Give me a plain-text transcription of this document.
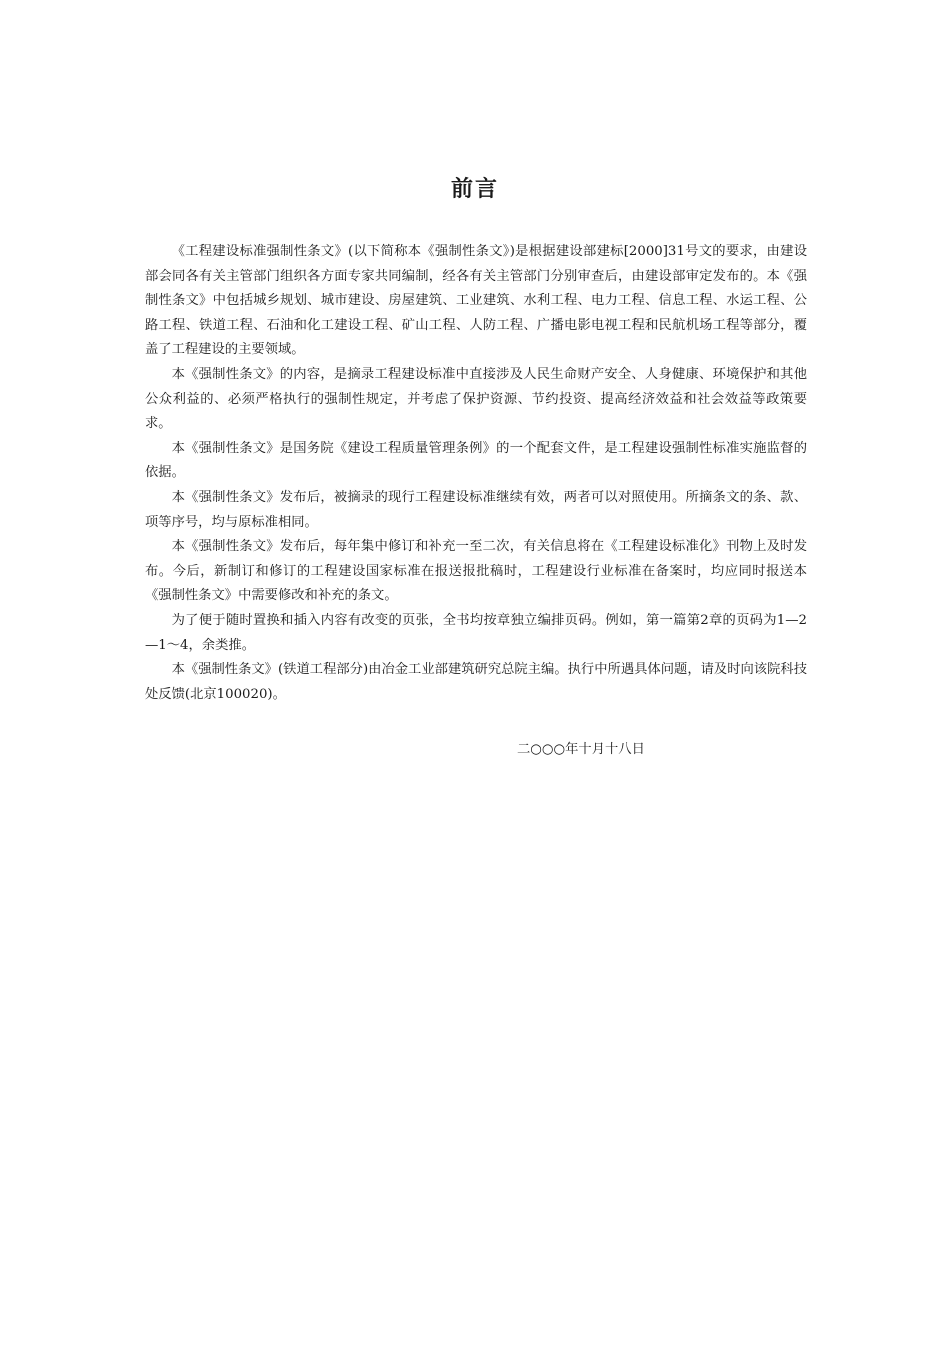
前言

《工程建设标准强制性条文》(以下简称本《强制性条文》)是根据建设部建标[2000]31号文的要求，由建设部会同各有关主管部门组织各方面专家共同编制，经各有关主管部门分别审查后，由建设部审定发布的。本《强制性条文》中包括城乡规划、城市建设、房屋建筑、工业建筑、水利工程、电力工程、信息工程、水运工程、公路工程、铁道工程、石油和化工建设工程、矿山工程、人防工程、广播电影电视工程和民航机场工程等部分，覆盖了工程建设的主要领域。

本《强制性条文》的内容，是摘录工程建设标准中直接涉及人民生命财产安全、人身健康、环境保护和其他公众利益的、必须严格执行的强制性规定，并考虑了保护资源、节约投资、提高经济效益和社会效益等政策要求。

本《强制性条文》是国务院《建设工程质量管理条例》的一个配套文件，是工程建设强制性标准实施监督的依据。

本《强制性条文》发布后，被摘录的现行工程建设标准继续有效，两者可以对照使用。所摘条文的条、款、项等序号，均与原标准相同。

本《强制性条文》发布后，每年集中修订和补充一至二次，有关信息将在《工程建设标准化》刊物上及时发布。今后，新制订和修订的工程建设国家标准在报送报批稿时，工程建设行业标准在备案时，均应同时报送本《强制性条文》中需要修改和补充的条文。

为了便于随时置换和插入内容有改变的页张，全书均按章独立编排页码。例如，第一篇第2章的页码为1—2—1～4，余类推。

本《强制性条文》(铁道工程部分)由冶金工业部建筑研究总院主编。执行中所遇具体问题，请及时向该院科技处反馈(北京100020)。

二○○○年十月十八日
